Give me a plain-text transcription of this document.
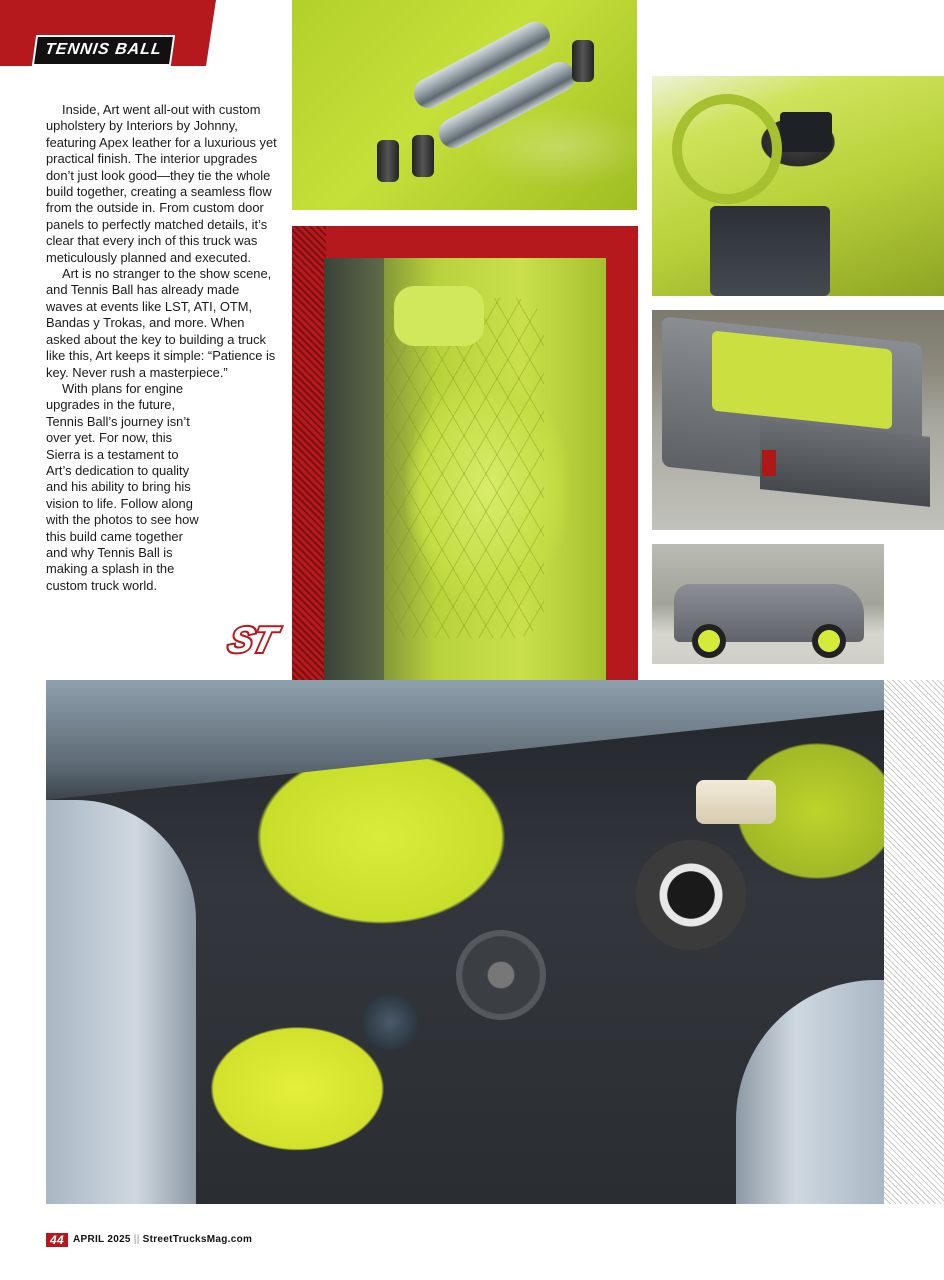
TENNIS BALL

Inside, Art went all-out with custom upholstery by Interiors by Johnny, featuring Apex leather for a luxurious yet practical finish. The interior upgrades don’t just look good—they tie the whole build together, creating a seamless flow from the outside in. From custom door panels to perfectly matched details, it’s clear that every inch of this truck was meticulously planned and executed.

Art is no stranger to the show scene, and Tennis Ball has already made waves at events like LST, ATI, OTM, Bandas y Trokas, and more. When asked about the key to building a truck like this, Art keeps it simple: “Patience is key. Never rush a masterpiece.”

With plans for engine upgrades in the future, Tennis Ball’s journey isn’t over yet. For now, this Sierra is a testament to Art’s dedication to quality and his ability to bring his vision to life. Follow along with the photos to see how this build came together and why Tennis Ball is making a splash in the custom truck world.

ST
44 APRIL 2025 || StreetTrucksMag.com
